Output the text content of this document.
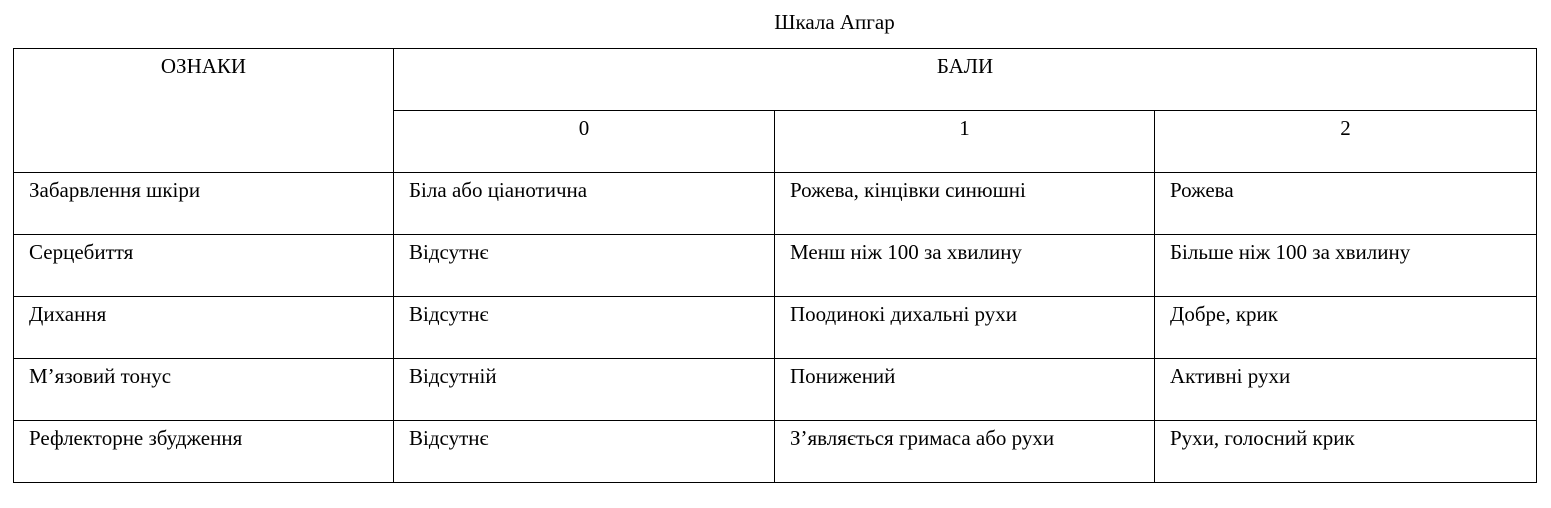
Шкала Апгар
ОЗНАКИ	БАЛИ		
	0	1	2
Забарвлення шкіри	Біла або ціанотична	Рожева, кінцівки синюшні	Рожева
Серцебиття	Відсутнє	Менш ніж 100 за хвилину	Більше ніж 100 за хвилину
Дихання	Відсутнє	Поодинокі дихальні рухи	Добре, крик
М’язовий тонус	Відсутній	Понижений	Активні рухи
Рефлекторне збудження	Відсутнє	З’являється гримаса або рухи	Рухи, голосний крик
